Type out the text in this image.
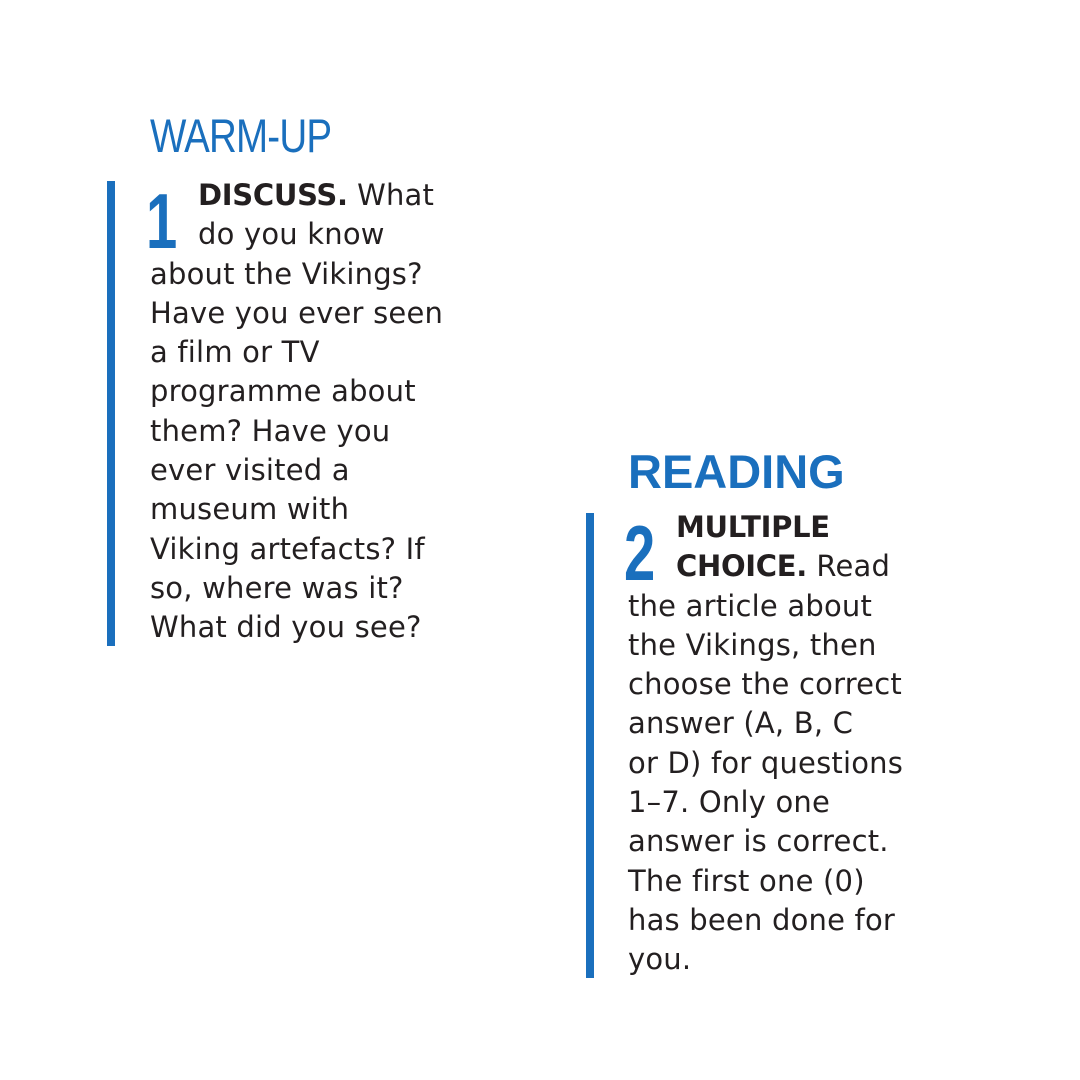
WARM-UP
1 DISCUSS. What
do you know
about the Vikings?
Have you ever seen
a film or TV
programme about
them? Have you
ever visited a
museum with
Viking artefacts? If
so, where was it?
What did you see?
READING
2 MULTIPLE
CHOICE. Read
the article about
the Vikings, then
choose the correct
answer (A, B, C
or D) for questions
1–7. Only one
answer is correct.
The first one (0)
has been done for
you.
